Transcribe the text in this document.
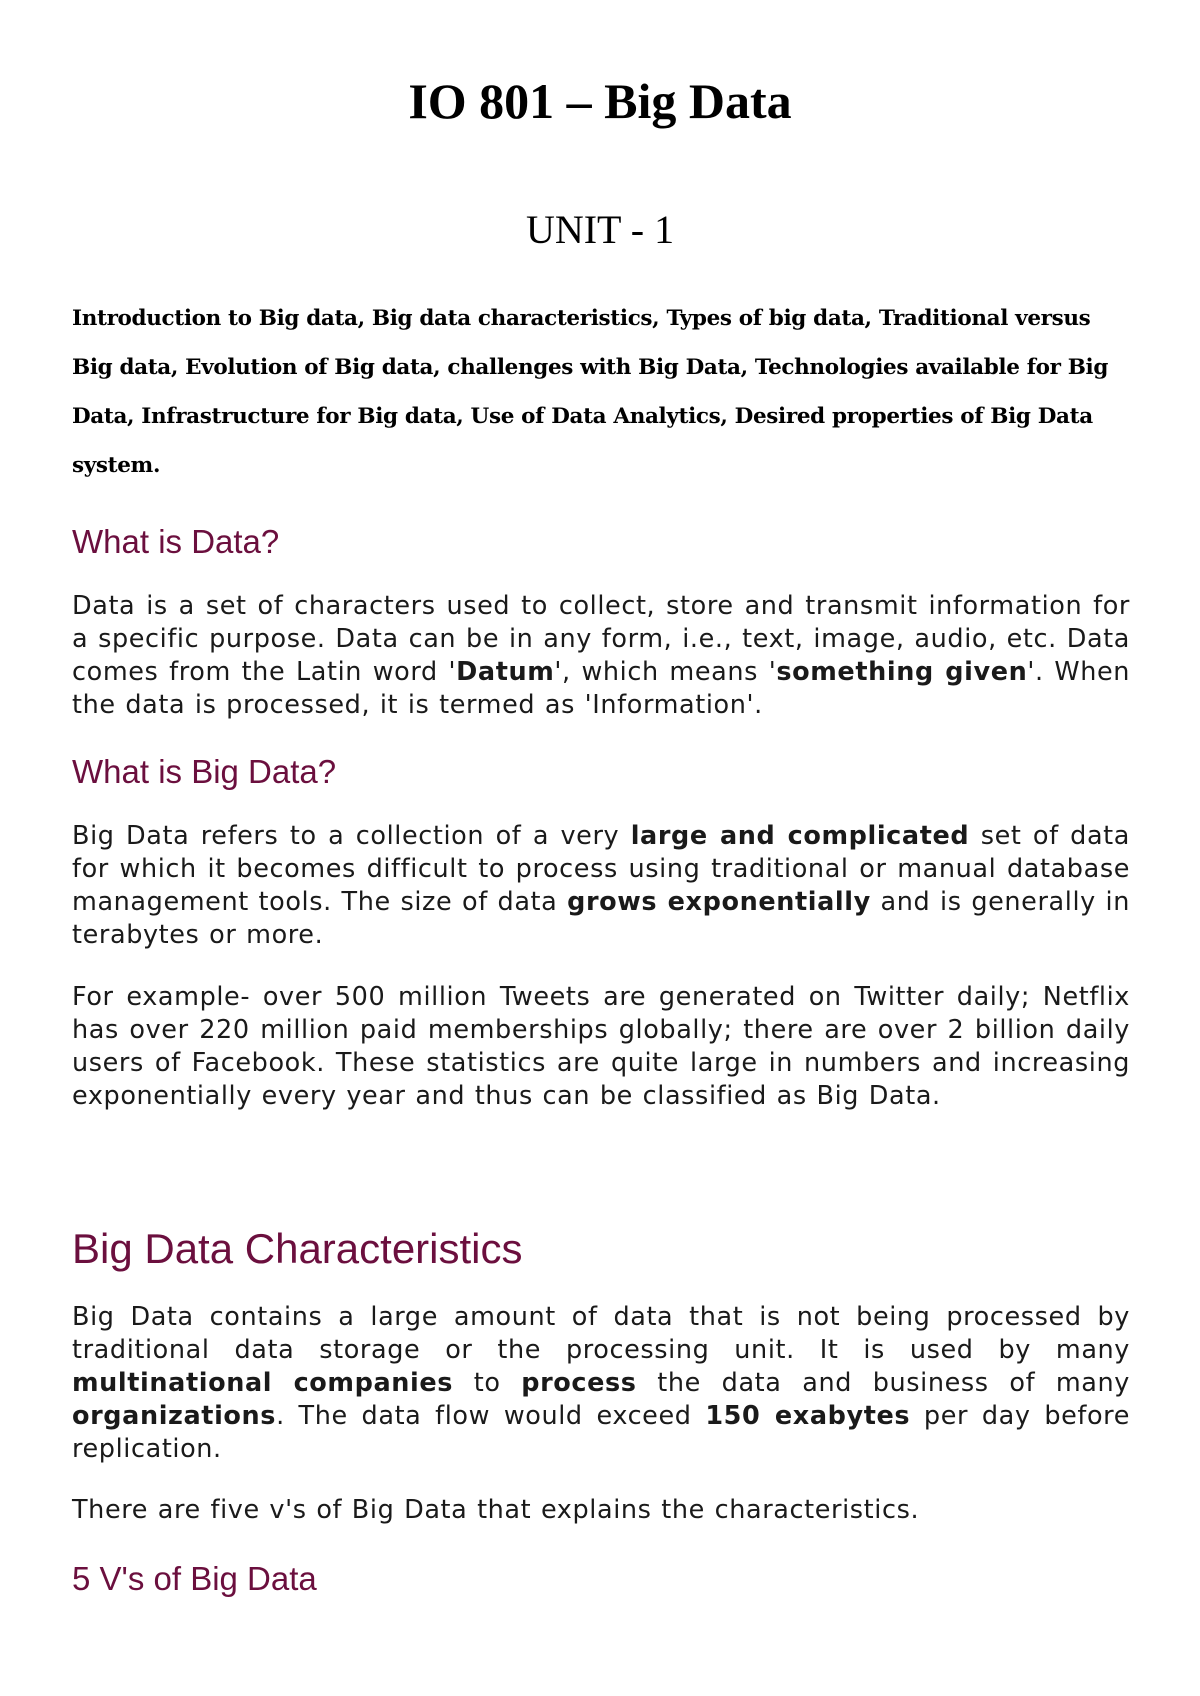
IO 801 – Big Data
UNIT - 1

Introduction to Big data, Big data characteristics, Types of big data, Traditional versus Big data, Evolution of Big data, challenges with Big Data, Technologies available for Big Data, Infrastructure for Big data, Use of Data Analytics, Desired properties of Big Data system.

What is Data?

Data is a set of characters used to collect, store and transmit information for a specific purpose. Data can be in any form, i.e., text, image, audio, etc. Data comes from the Latin word 'Datum', which means 'something given'. When the data is processed, it is termed as 'Information'.

What is Big Data?

Big Data refers to a collection of a very large and complicated set of data for which it becomes difficult to process using traditional or manual database management tools. The size of data grows exponentially and is generally in terabytes or more.

For example- over 500 million Tweets are generated on Twitter daily; Netflix has over 220 million paid memberships globally; there are over 2 billion daily users of Facebook. These statistics are quite large in numbers and increasing exponentially every year and thus can be classified as Big Data.

Big Data Characteristics

Big Data contains a large amount of data that is not being processed by traditional data storage or the processing unit. It is used by many multinational companies to process the data and business of many organizations. The data flow would exceed 150 exabytes per day before replication.

There are five v's of Big Data that explains the characteristics.

5 V's of Big Data
